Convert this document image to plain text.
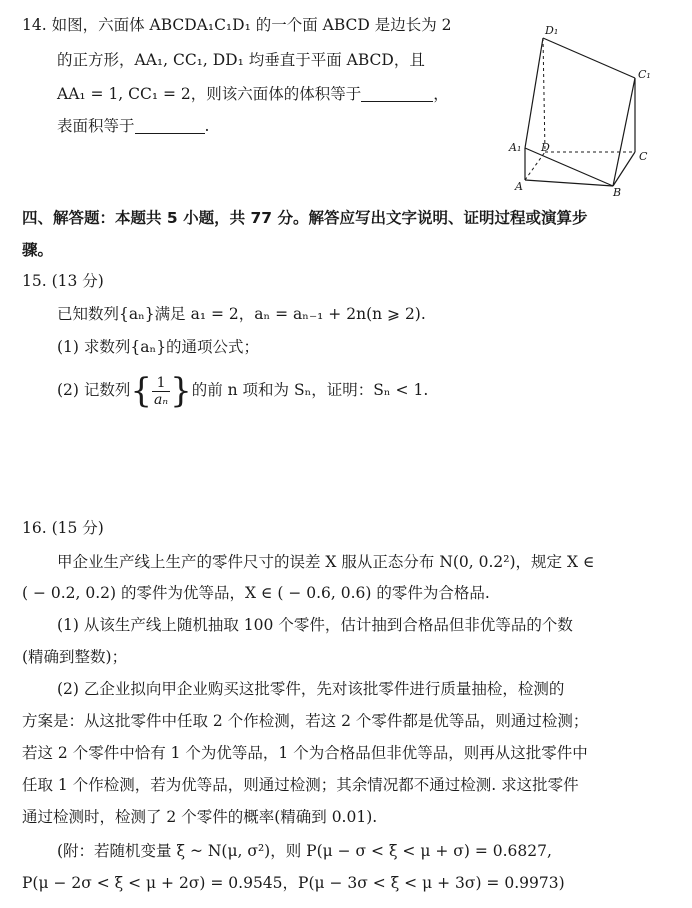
14. 如图，六面体 ABCDA₁C₁D₁ 的一个面 ABCD 是边长为 2
的正方形，AA₁, CC₁, DD₁ 均垂直于平面 ABCD，且
AA₁ = 1, CC₁ = 2，则该六面体的体积等于	，
表面积等于	.
D₁
C₁
A₁ D
C
A	B
四、解答题：本题共 5 小题，共 77 分。解答应写出文字说明、证明过程或演算步
骤。
15. (13 分)
已知数列{aₙ}满足 a₁ = 2，aₙ = aₙ₋₁ + 2n(n ⩾ 2).
(1) 求数列{aₙ}的通项公式；
(2) 记数列{ $\frac{1}{\text{aₙ}}$ }的前 n 项和为 Sₙ，证明：Sₙ < 1.
16. (15 分)
甲企业生产线上生产的零件尺寸的误差 X 服从正态分布 N(0, 0.2²)，规定 X ∈
( − 0.2, 0.2) 的零件为优等品，X ∈ ( − 0.6, 0.6) 的零件为合格品.
(1) 从该生产线上随机抽取 100 个零件，估计抽到合格品但非优等品的个数
(精确到整数)；
(2) 乙企业拟向甲企业购买这批零件，先对该批零件进行质量抽检，检测的
方案是：从这批零件中任取 2 个作检测，若这 2 个零件都是优等品，则通过检测；
若这 2 个零件中恰有 1 个为优等品，1 个为合格品但非优等品，则再从这批零件中
任取 1 个作检测，若为优等品，则通过检测；其余情况都不通过检测. 求这批零件
通过检测时，检测了 2 个零件的概率(精确到 0.01).
(附：若随机变量 ξ ~ N(μ, σ²)，则 P(μ − σ < ξ < μ + σ) = 0.6827,
P(μ − 2σ < ξ < μ + 2σ) = 0.9545，P(μ − 3σ < ξ < μ + 3σ) = 0.9973)
